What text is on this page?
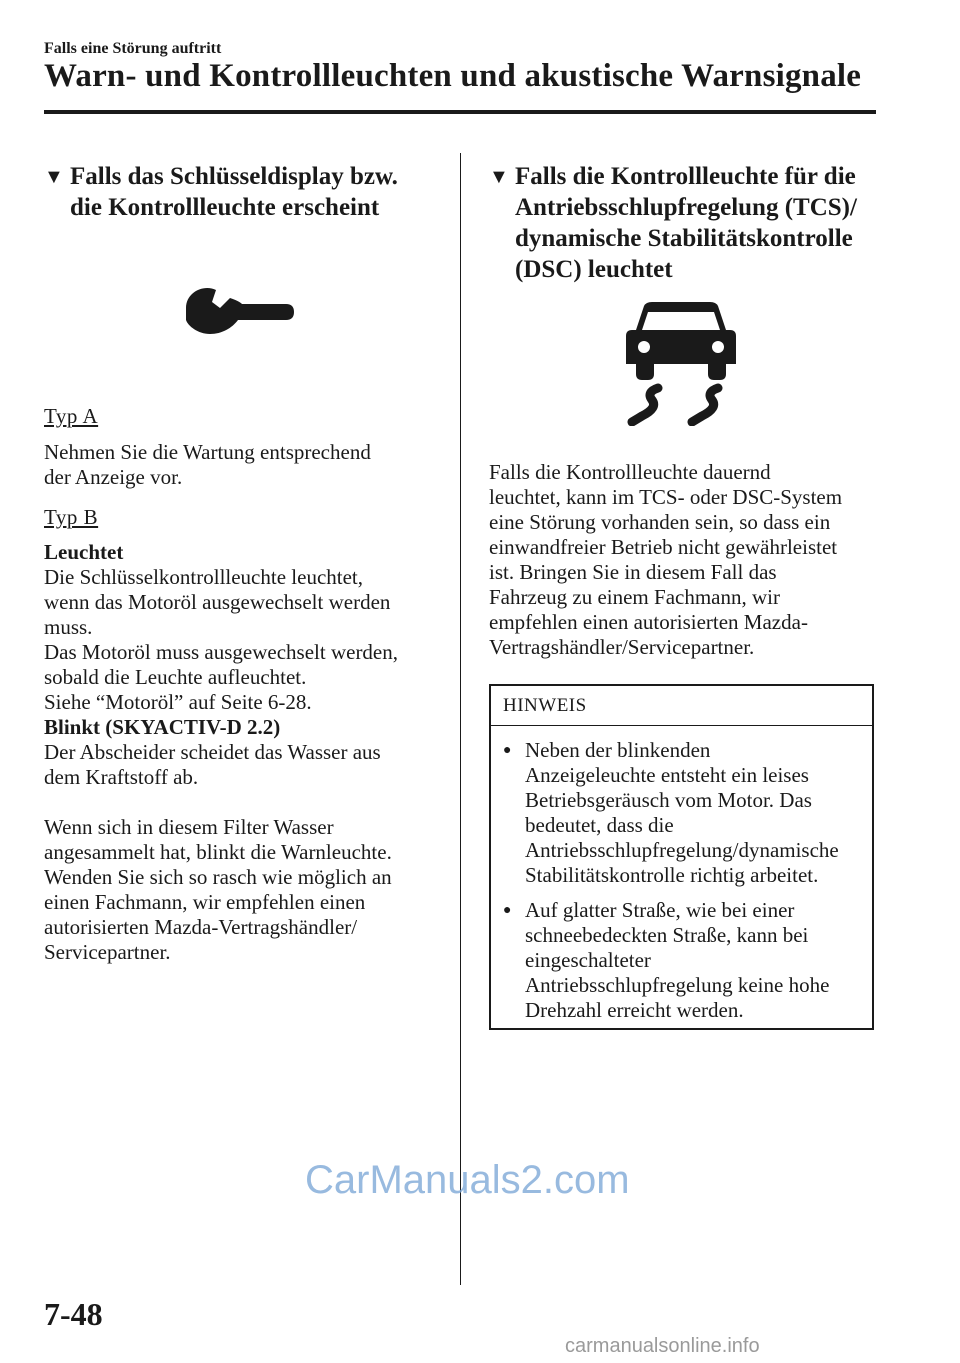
Falls eine Störung auftritt
Warn- und Kontrollleuchten und akustische Warnsignale
▼ Falls das Schlüsseldisplay bzw.
die Kontrollleuchte erscheint
Typ A
Nehmen Sie die Wartung entsprechend
der Anzeige vor.
Typ B
Leuchtet
Die Schlüsselkontrollleuchte leuchtet,
wenn das Motoröl ausgewechselt werden
muss.
Das Motoröl muss ausgewechselt werden,
sobald die Leuchte aufleuchtet.
Siehe “Motoröl” auf Seite 6-28.
Blinkt (SKYACTIV-D 2.2)
Der Abscheider scheidet das Wasser aus
dem Kraftstoff ab.
Wenn sich in diesem Filter Wasser
angesammelt hat, blinkt die Warnleuchte.
Wenden Sie sich so rasch wie möglich an
einen Fachmann, wir empfehlen einen
autorisierten Mazda-Vertragshändler/
Servicepartner.
▼ Falls die Kontrollleuchte für die
Antriebsschlupfregelung (TCS)/
dynamische Stabilitätskontrolle
(DSC) leuchtet
Falls die Kontrollleuchte dauernd
leuchtet, kann im TCS- oder DSC-System
eine Störung vorhanden sein, so dass ein
einwandfreier Betrieb nicht gewährleistet
ist. Bringen Sie in diesem Fall das
Fahrzeug zu einem Fachmann, wir
empfehlen einen autorisierten Mazda-
Vertragshändler/Servicepartner.
HINWEIS
● Neben der blinkenden
Anzeigeleuchte entsteht ein leises
Betriebsgeräusch vom Motor. Das
bedeutet, dass die
Antriebsschlupfregelung/dynamische
Stabilitätskontrolle richtig arbeitet.
● Auf glatter Straße, wie bei einer
schneebedeckten Straße, kann bei
eingeschalteter
Antriebsschlupfregelung keine hohe
Drehzahl erreicht werden.
CarManuals2.com
7-48
carmanualsonline.info
